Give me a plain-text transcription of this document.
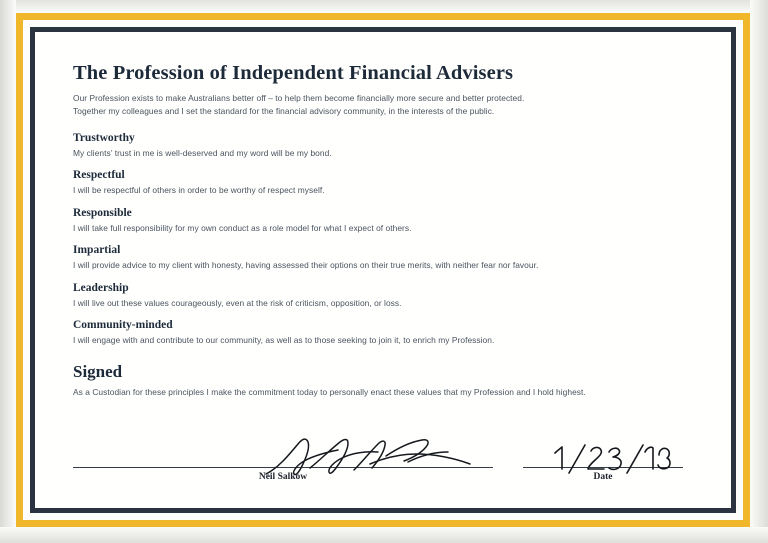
The Profession of Independent Financial Advisers
Our Profession exists to make Australians better off – to help them become financially more secure and better protected.
Together my colleagues and I set the standard for the financial advisory community, in the interests of the public.
Trustworthy
My clients’ trust in me is well-deserved and my word will be my bond.
Respectful
I will be respectful of others in order to be worthy of respect myself.
Responsible
I will take full responsibility for my own conduct as a role model for what I expect of others.
Impartial
I will provide advice to my client with honesty, having assessed their options on their true merits, with neither fear nor favour.
Leadership
I will live out these values courageously, even at the risk of criticism, opposition, or loss.
Community-minded
I will engage with and contribute to our community, as well as to those seeking to join it, to enrich my Profession.
Signed
As a Custodian for these principles I make the commitment today to personally enact these values that my Profession and I hold highest.
Neil Salkow	Date
